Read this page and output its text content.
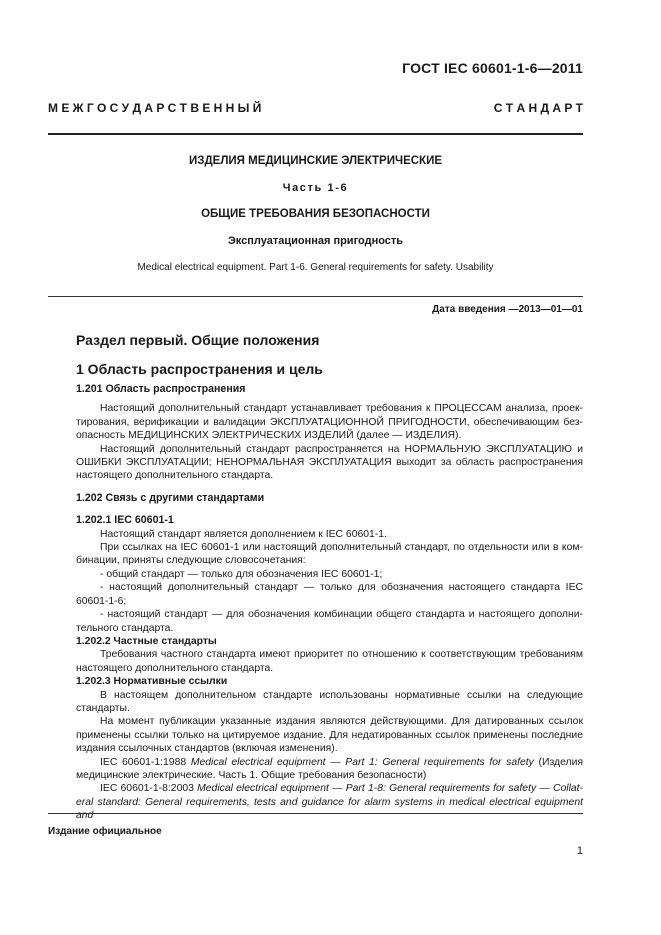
ГОСТ IEC 60601-1-6—2011
М Е Ж Г О С У Д А Р С Т В Е Н Н Ы Й	С Т А Н Д А Р Т
ИЗДЕЛИЯ МЕДИЦИНСКИЕ ЭЛЕКТРИЧЕСКИЕ
Часть 1-6
ОБЩИЕ ТРЕБОВАНИЯ БЕЗОПАСНОСТИ
Эксплуатационная пригодность
Medical electrical equipment. Part 1-6. General requirements for safety. Usability
Дата введения —2013—01—01
Раздел первый. Общие положения
1 Область распространения и цель

1.201 Область распространения

Настоящий дополнительный стандарт устанавливает требования к ПРОЦЕССАМ анализа, проектирования, верификации и валидации ЭКСПЛУАТАЦИОННОЙ ПРИГОДНОСТИ, обеспечивающим безопасность МЕДИЦИНСКИХ ЭЛЕКТРИЧЕСКИХ ИЗДЕЛИЙ (далее — ИЗДЕЛИЯ).

Настоящий дополнительный стандарт распространяется на НОРМАЛЬНУЮ ЭКСПЛУАТАЦИЮ и ОШИБКИ ЭКСПЛУАТАЦИИ; НЕНОРМАЛЬНАЯ ЭКСПЛУАТАЦИЯ выходит за область распространения настоящего дополнительного стандарта.

1.202 Связь с другими стандартами

1.202.1 IEC 60601-1

Настоящий стандарт является дополнением к IEC 60601-1.

При ссылках на IEC 60601-1 или настоящий дополнительный стандарт, по отдельности или в комбинации, приняты следующие словосочетания:

- общий стандарт — только для обозначения IEC 60601-1;

- настоящий дополнительный стандарт — только для обозначения настоящего стандарта IEC 60601-1-6;

- настоящий стандарт — для обозначения комбинации общего стандарта и настоящего дополнительного стандарта.

1.202.2 Частные стандарты

Требования частного стандарта имеют приоритет по отношению к соответствующим требованиям настоящего дополнительного стандарта.

1.202.3 Нормативные ссылки

В настоящем дополнительном стандарте использованы нормативные ссылки на следующие стандарты.

На момент публикации указанные издания являются действующими. Для датированных ссылок применены ссылки только на цитируемое издание. Для недатированных ссылок применены последние издания ссылочных стандартов (включая изменения).

IEC 60601-1:1988 Medical electrical equipment — Part 1: General requirements for safety (Изделия медицинские электрические. Часть 1. Общие требования безопасности)

IEC 60601-1-8:2003 Medical electrical equipment — Part 1-8: General requirements for safety — Collateral standard: General requirements, tests and guidance for alarm systems in medical electrical equipment and

Издание официальное
1
